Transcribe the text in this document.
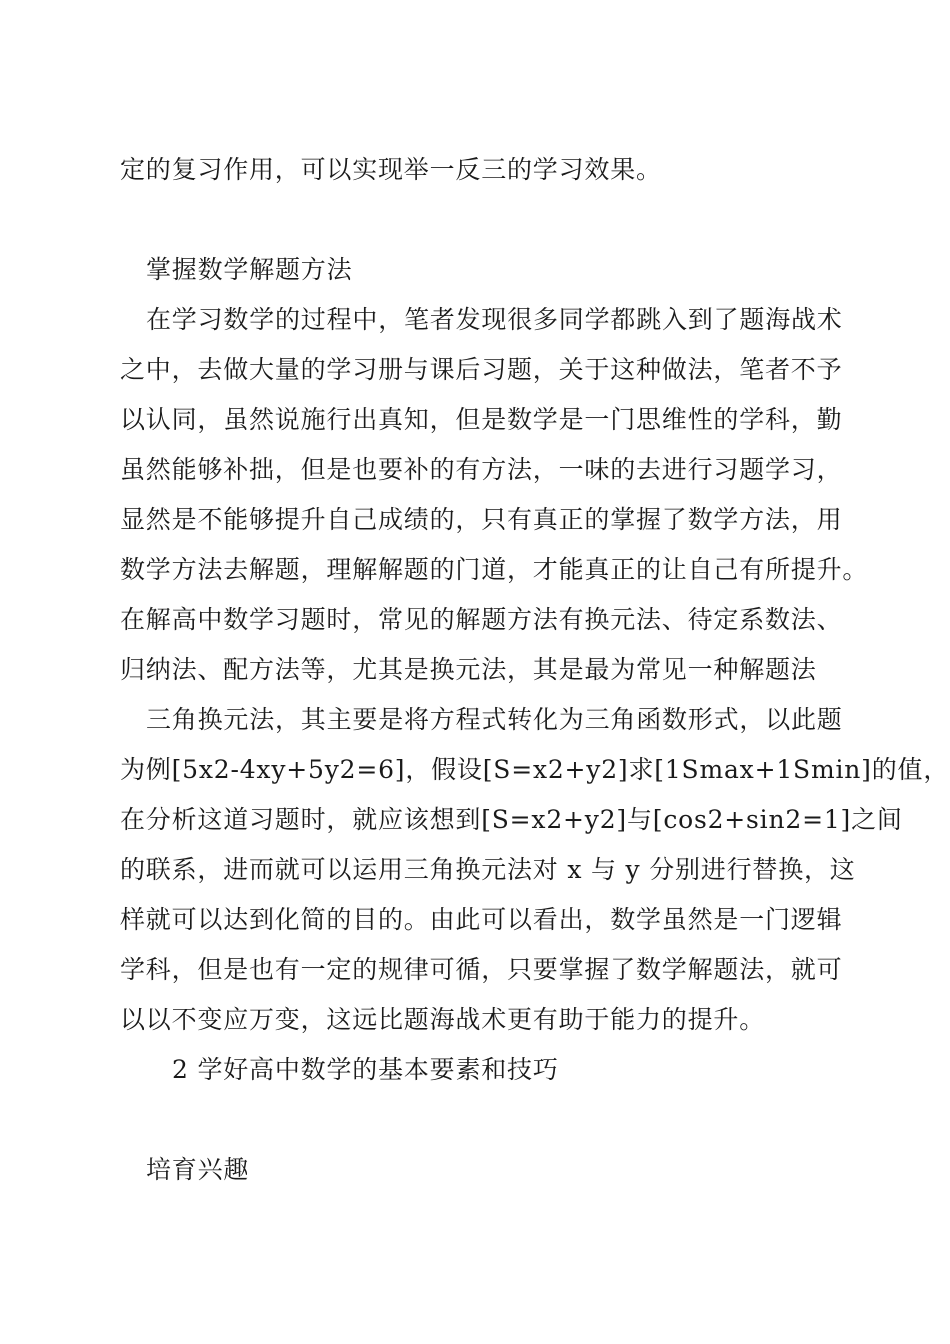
定的复习作用，可以实现举一反三的学习效果。
掌握数学解题方法
在学习数学的过程中，笔者发现很多同学都跳入到了题海战术
之中，去做大量的学习册与课后习题，关于这种做法，笔者不予
以认同，虽然说施行出真知，但是数学是一门思维性的学科，勤
虽然能够补拙，但是也要补的有方法，一味的去进行习题学习，
显然是不能够提升自己成绩的，只有真正的掌握了数学方法，用
数学方法去解题，理解解题的门道，才能真正的让自己有所提升。
在解高中数学习题时，常见的解题方法有换元法、待定系数法、
归纳法、配方法等，尤其是换元法，其是最为常见一种解题法
三角换元法，其主要是将方程式转化为三角函数形式，以此题
为例[5x2-4xy+5y2=6]，假设[S=x2+y2]求[1Smax+1Smin]的值，
在分析这道习题时，就应该想到[S=x2+y2]与[cos2+sin2=1]之间
的联系，进而就可以运用三角换元法对 x 与 y 分别进行替换，这
样就可以达到化简的目的。由此可以看出，数学虽然是一门逻辑
学科，但是也有一定的规律可循，只要掌握了数学解题法，就可
以以不变应万变，这远比题海战术更有助于能力的提升。
2 学好高中数学的基本要素和技巧
培育兴趣
